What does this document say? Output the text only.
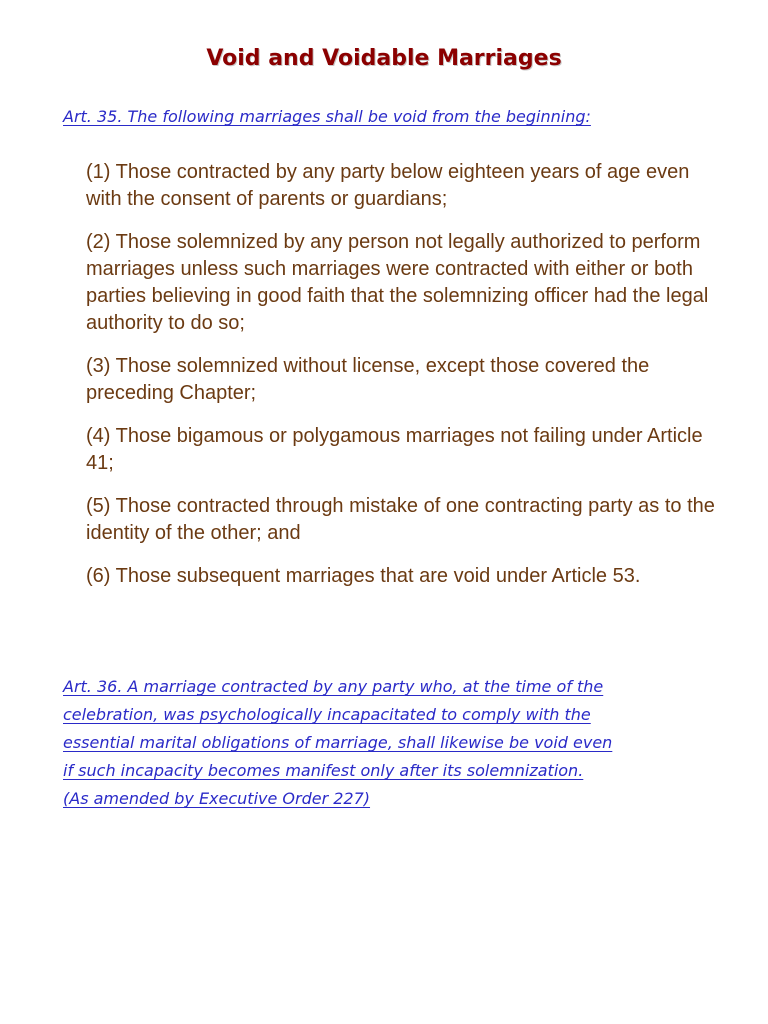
Void and Voidable Marriages
Art. 35. The following marriages shall be void from the beginning:

(1) Those contracted by any party below eighteen years of age even with the consent of parents or guardians;

(2) Those solemnized by any person not legally authorized to perform marriages unless such marriages were contracted with either or both parties believing in good faith that the solemnizing officer had the legal authority to do so;

(3) Those solemnized without license, except those covered the preceding Chapter;

(4) Those bigamous or polygamous marriages not failing under Article 41;

(5) Those contracted through mistake of one contracting party as to the identity of the other; and

(6) Those subsequent marriages that are void under Article 53.

Art. 36. A marriage contracted by any party who, at the time of the
celebration, was psychologically incapacitated to comply with the
essential marital obligations of marriage, shall likewise be void even
if such incapacity becomes manifest only after its solemnization.
(As amended by Executive Order 227)
